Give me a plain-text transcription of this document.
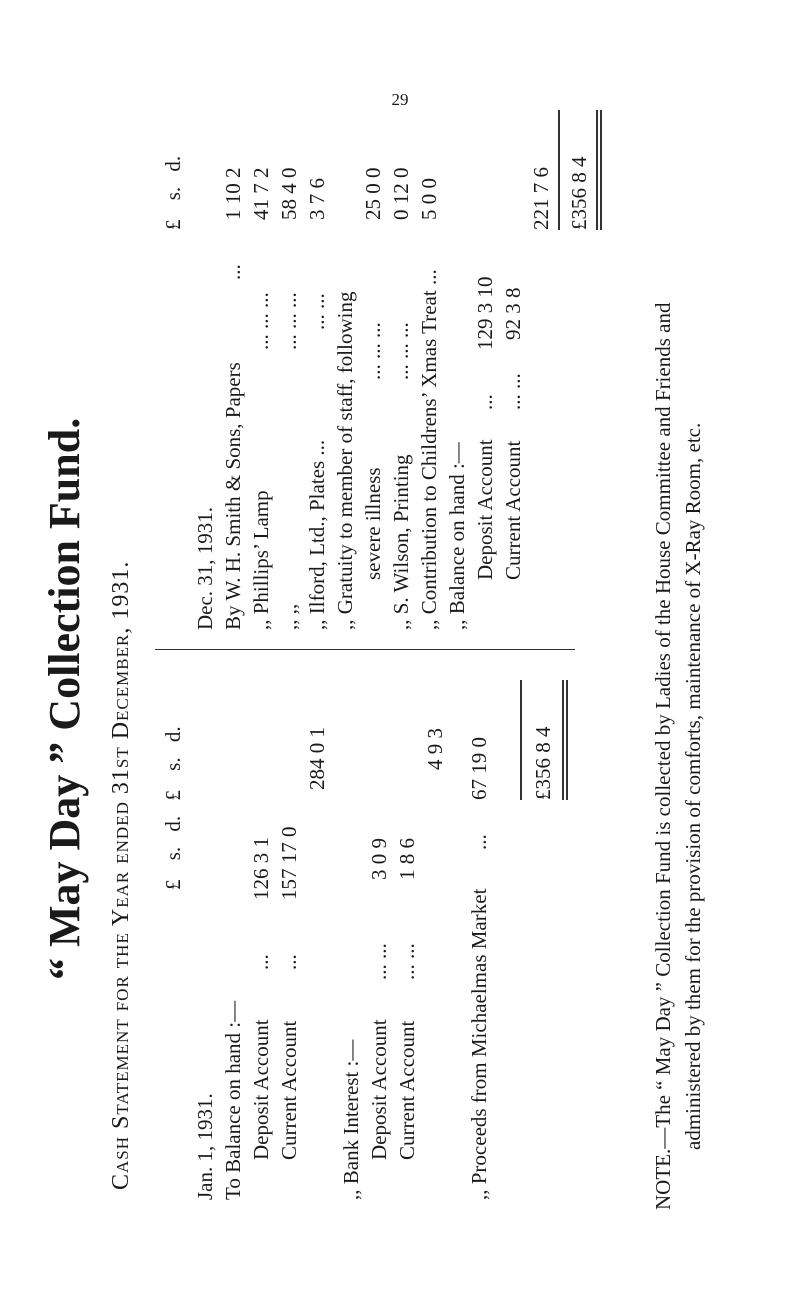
29
“ May Day ” Collection Fund. Cash Statement for the Year ended 31st December, 1931. £ s. d. £ s. d.
Jan. 1, 1931. To Balance on hand :— Deposit Account
...
126 3 1
Current Account
...
157 17 0
284 0 1
,, Bank Interest :— Deposit Account
... ...
3 0 9
Current Account
... ...
1 8 6
4 9 3
,, Proceeds from Michaelmas Market
...
67 19 0 £356 8 4
£ s. d.
Dec. 31, 1931. By W. H. Smith & Sons, Papers
...
1 10 2
,, Phillips’ Lamp
... ... ...
41 7 2
,, ,,
... ... ...
58 4 0
,, Ilford, Ltd., Plates ...
... ...
3 7 6
,, Gratuity to member of staff, following severe illness
... ... ...
25 0 0
,, S. Wilson, Printing
... ... ...
0 12 0
,, Contribution to Childrens’ Xmas Treat ...
5 0 0
,, Balance on hand :— Deposit Account
...
129 3 10
Current Account
... ...
92 3 8
221 7 6 £356 8 4
NOTE.—The “ May Day ” Collection Fund is collected by Ladies of the House Committee and Friends and administered by them for the provision of comforts, maintenance of X-Ray Room, etc.
